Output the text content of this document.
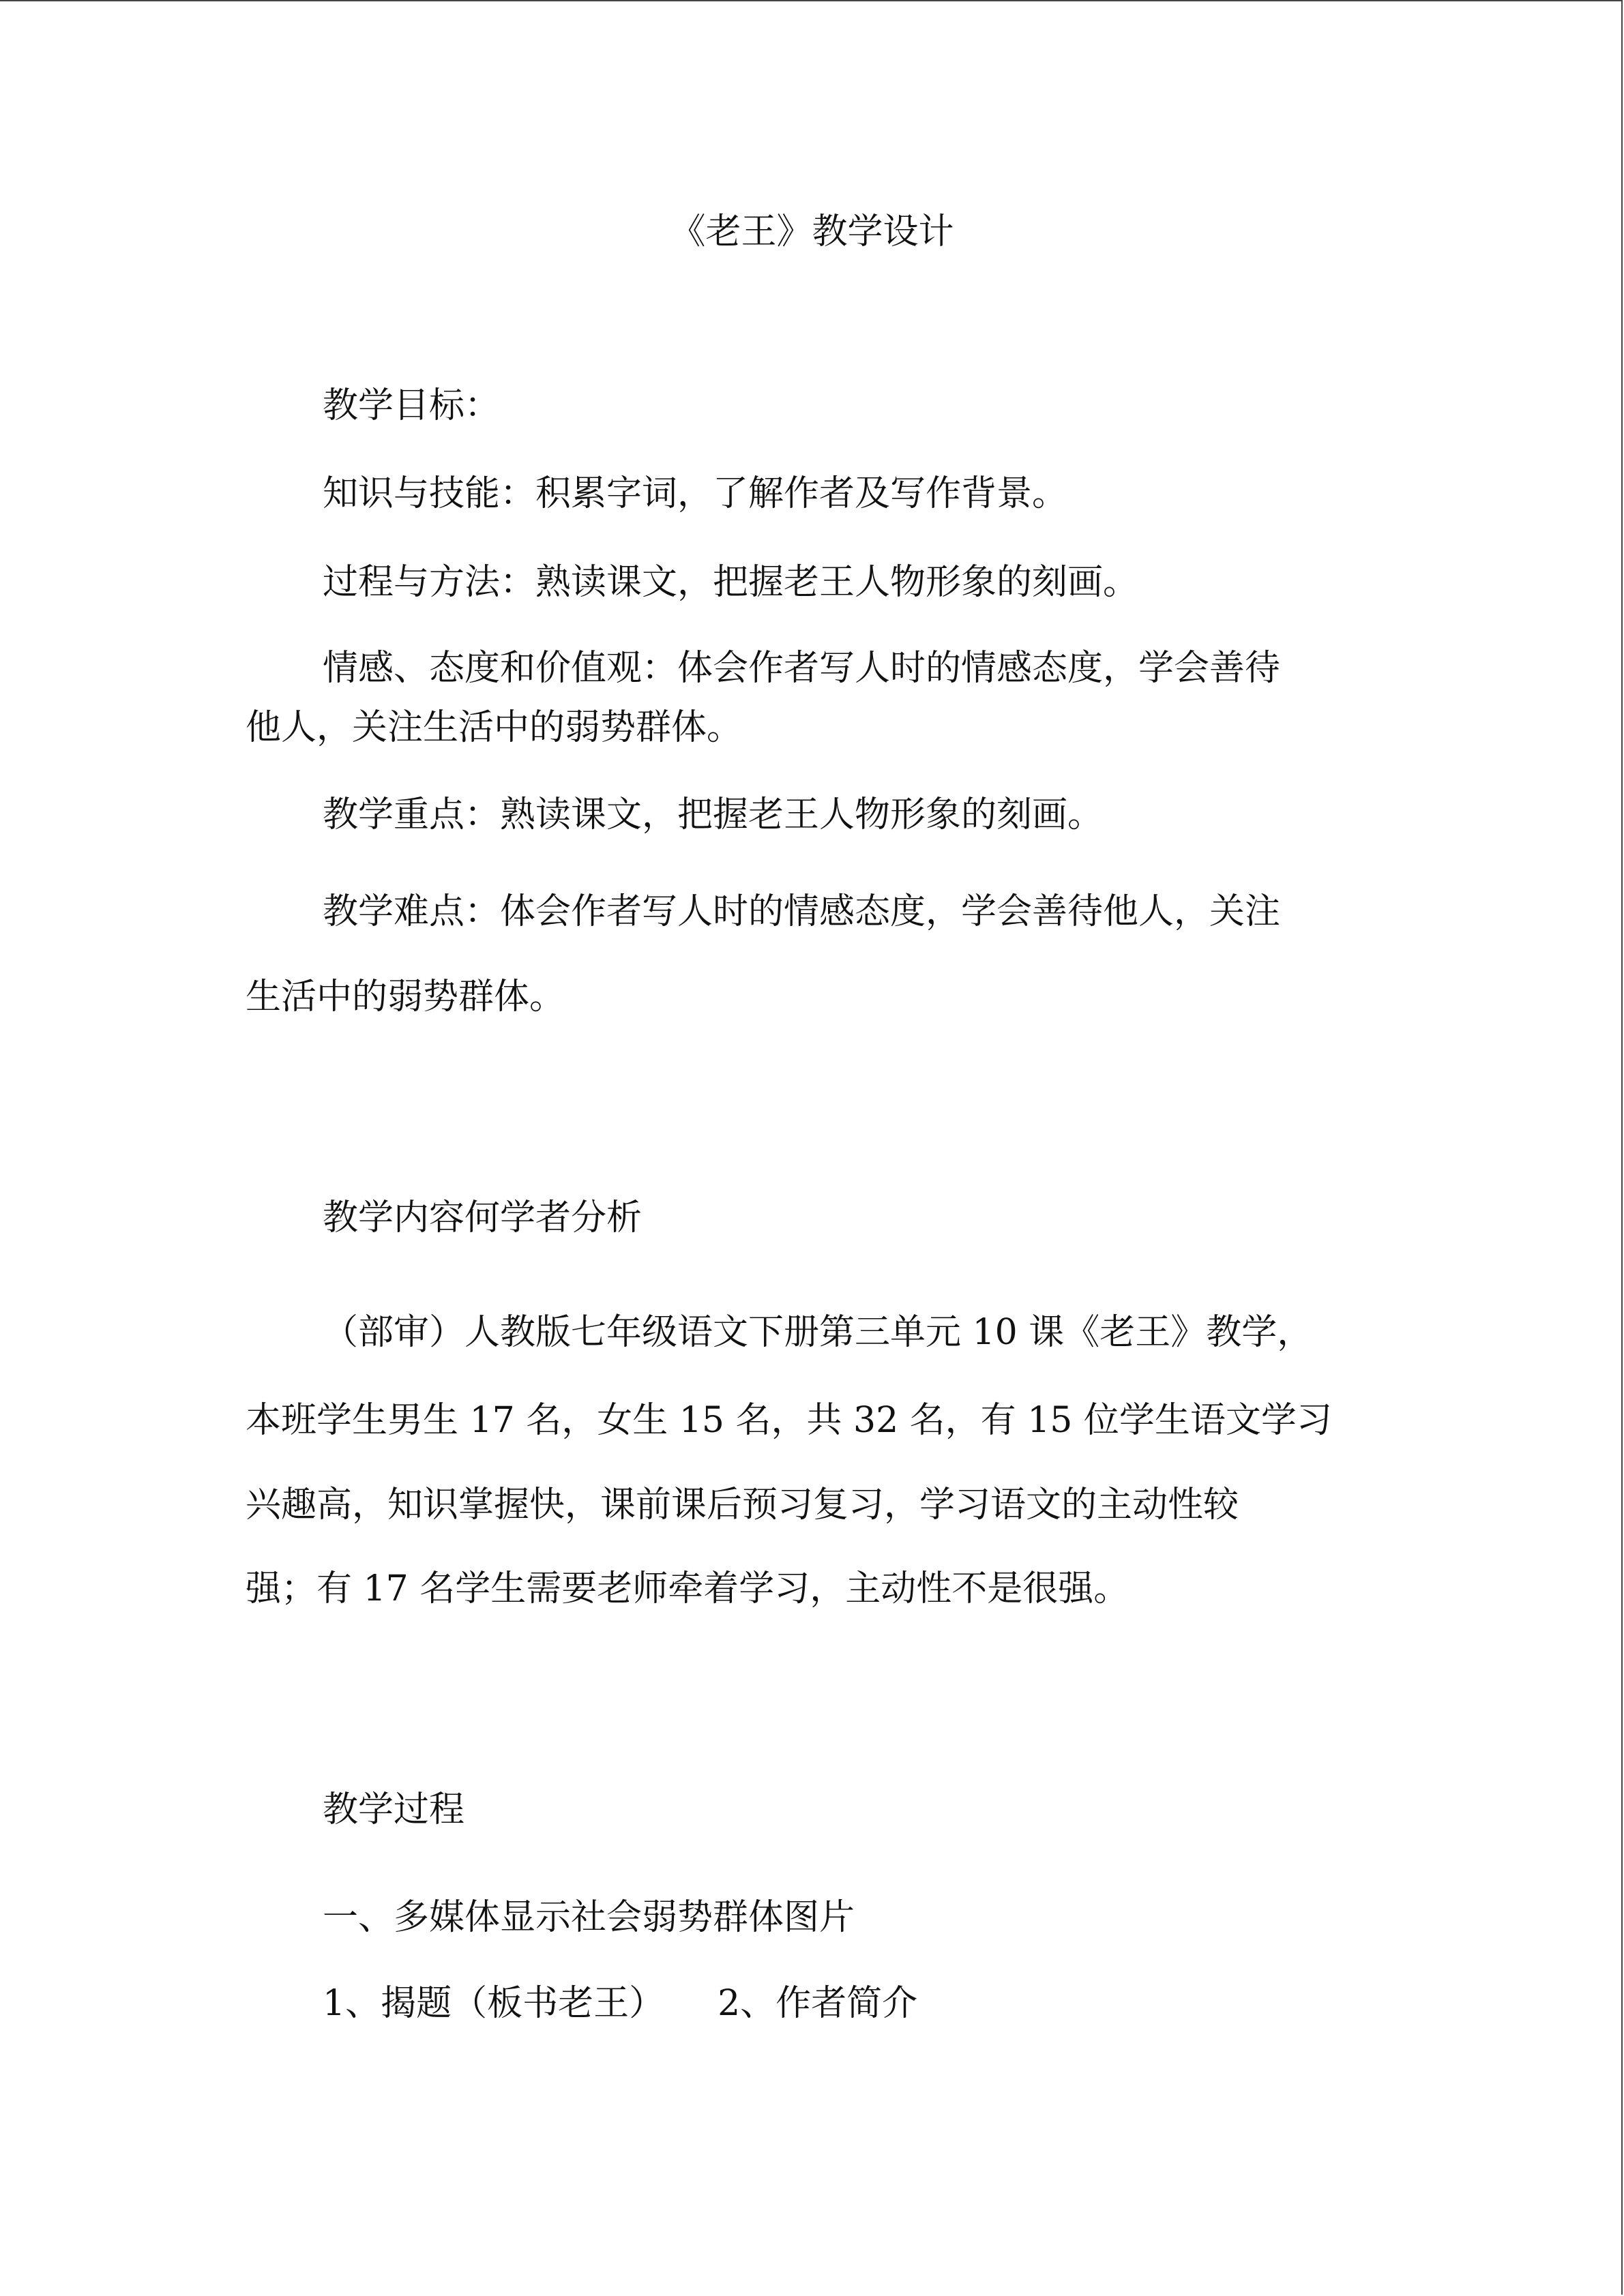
《老王》教学设计
教学目标：
知识与技能：积累字词，了解作者及写作背景。
过程与方法：熟读课文，把握老王人物形象的刻画。
情感、态度和价值观：体会作者写人时的情感态度，学会善待
他人，关注生活中的弱势群体。
教学重点：熟读课文，把握老王人物形象的刻画。
教学难点：体会作者写人时的情感态度，学会善待他人，关注
生活中的弱势群体。
教学内容何学者分析
（部审）人教版七年级语文下册第三单元 10 课《老王》教学，
本班学生男生 17 名，女生 15 名，共 32 名，有 15 位学生语文学习
兴趣高，知识掌握快，课前课后预习复习，学习语文的主动性较
强；有 17 名学生需要老师牵着学习，主动性不是很强。
教学过程
一、多媒体显示社会弱势群体图片
1、揭题（板书老王）　　2、作者简介
